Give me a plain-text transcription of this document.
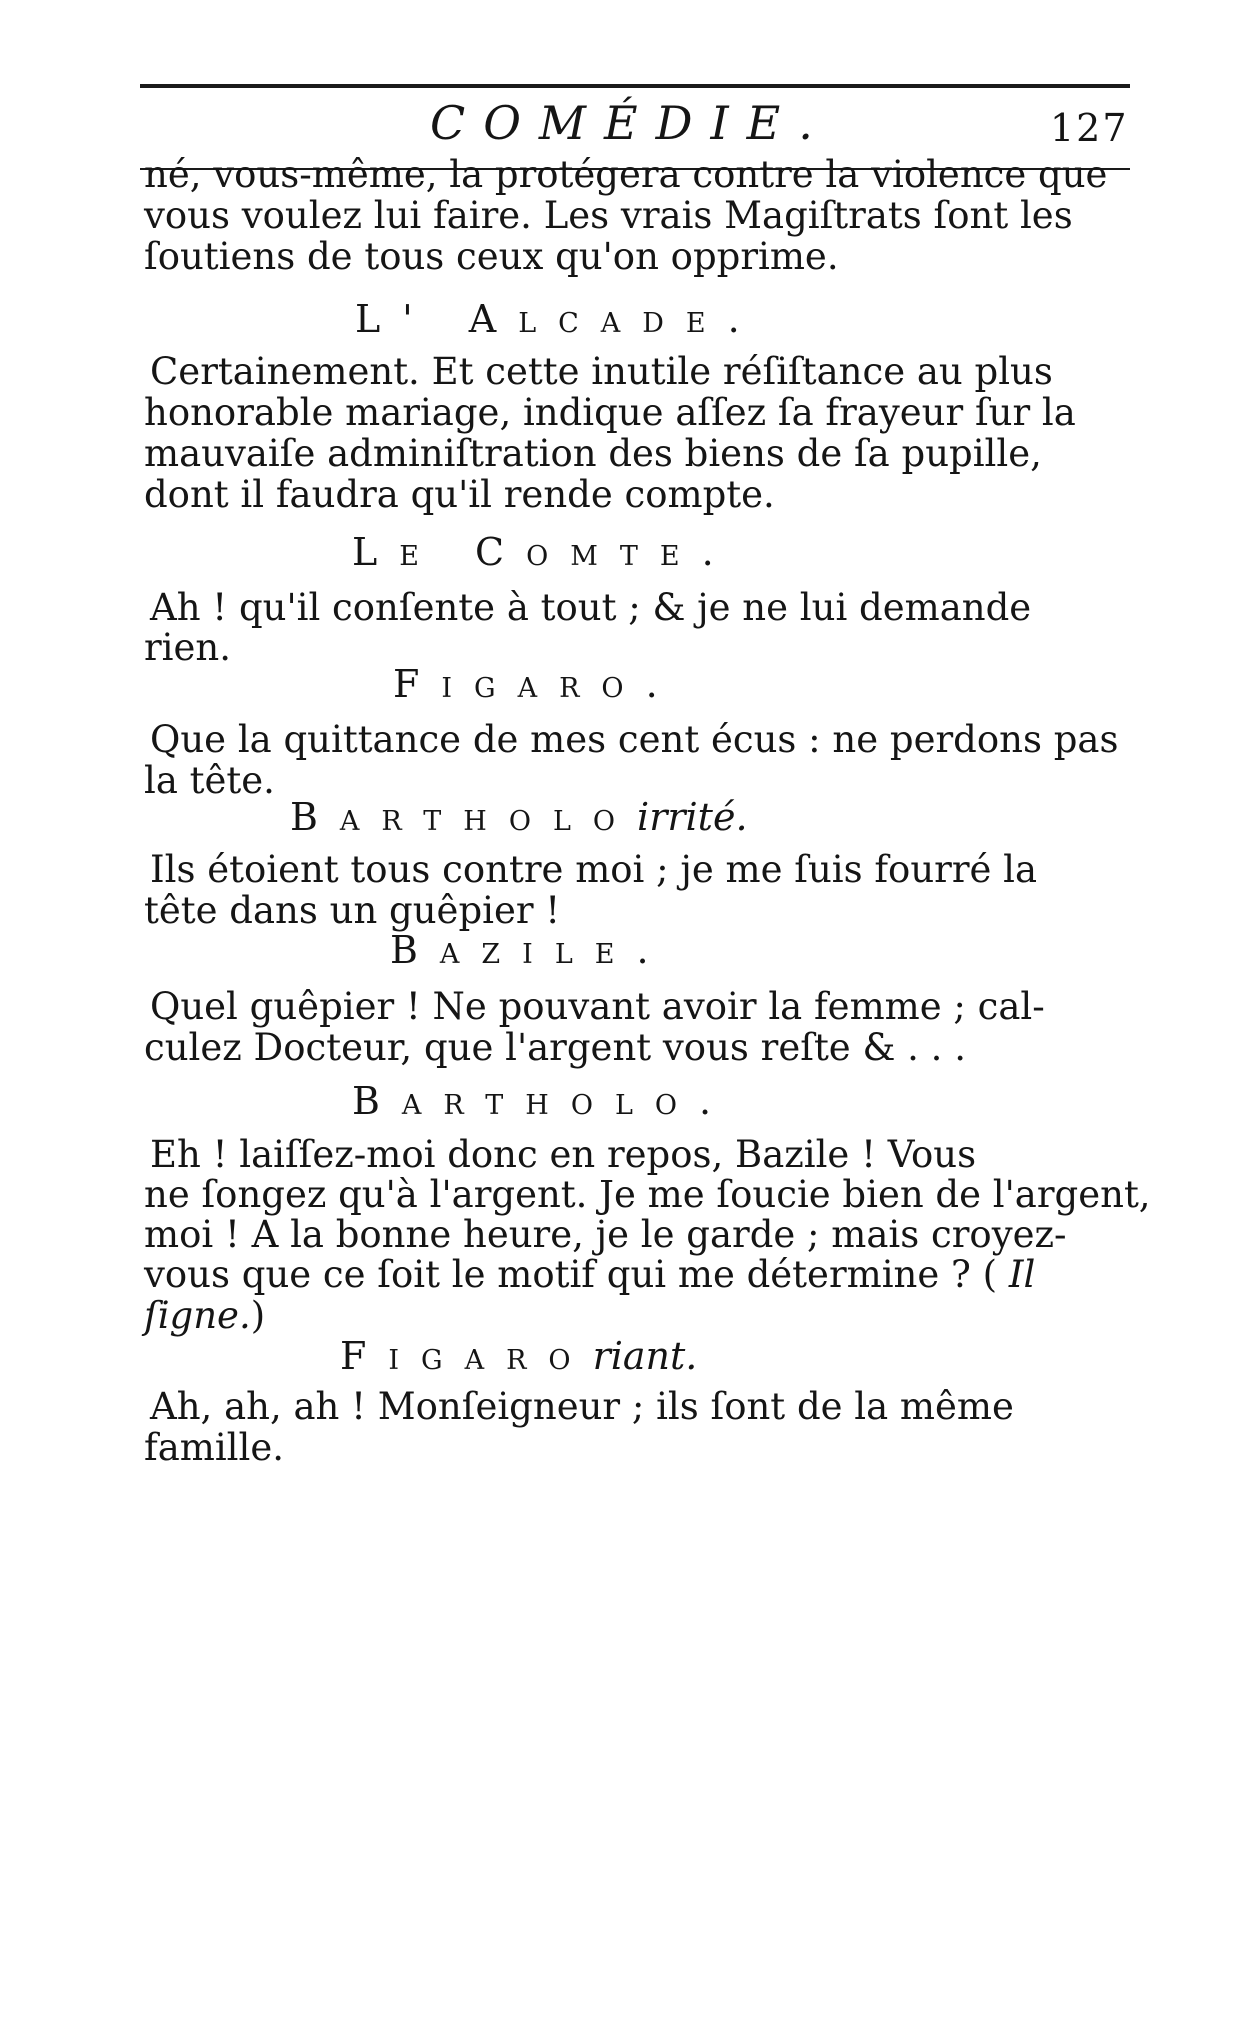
COMÉDIE.	127
né, vous-même, la protégera contre la violence que
vous voulez lui faire. Les vrais Magiſtrats ſont les
ſoutiens de tous ceux qu'on opprime.
L' Alcade.
Certainement. Et cette inutile réſiſtance au plus
honorable mariage, indique aſſez ſa frayeur ſur la
mauvaiſe adminiſtration des biens de ſa pupille,
dont il faudra qu'il rende compte.
Le Comte.
Ah ! qu'il conſente à tout ; & je ne lui demande
rien.
Figaro.
Que la quittance de mes cent écus : ne perdons pas
la tête.
Bartholoirrité.
Ils étoient tous contre moi ; je me ſuis fourré la
tête dans un guêpier !
Bazile.
Quel guêpier ! Ne pouvant avoir la femme ; cal-
culez Docteur, que l'argent vous reſte & . . .
Bartholo.
Eh ! laiſſez-moi donc en repos, Bazile ! Vous
ne ſongez qu'à l'argent. Je me ſoucie bien de l'argent,
moi ! A la bonne heure, je le garde ; mais croyez-
vous que ce ſoit le motif qui me détermine ? ( Il
ſigne.)
Figaroriant.
Ah, ah, ah ! Monſeigneur ; ils ſont de la même
famille.
